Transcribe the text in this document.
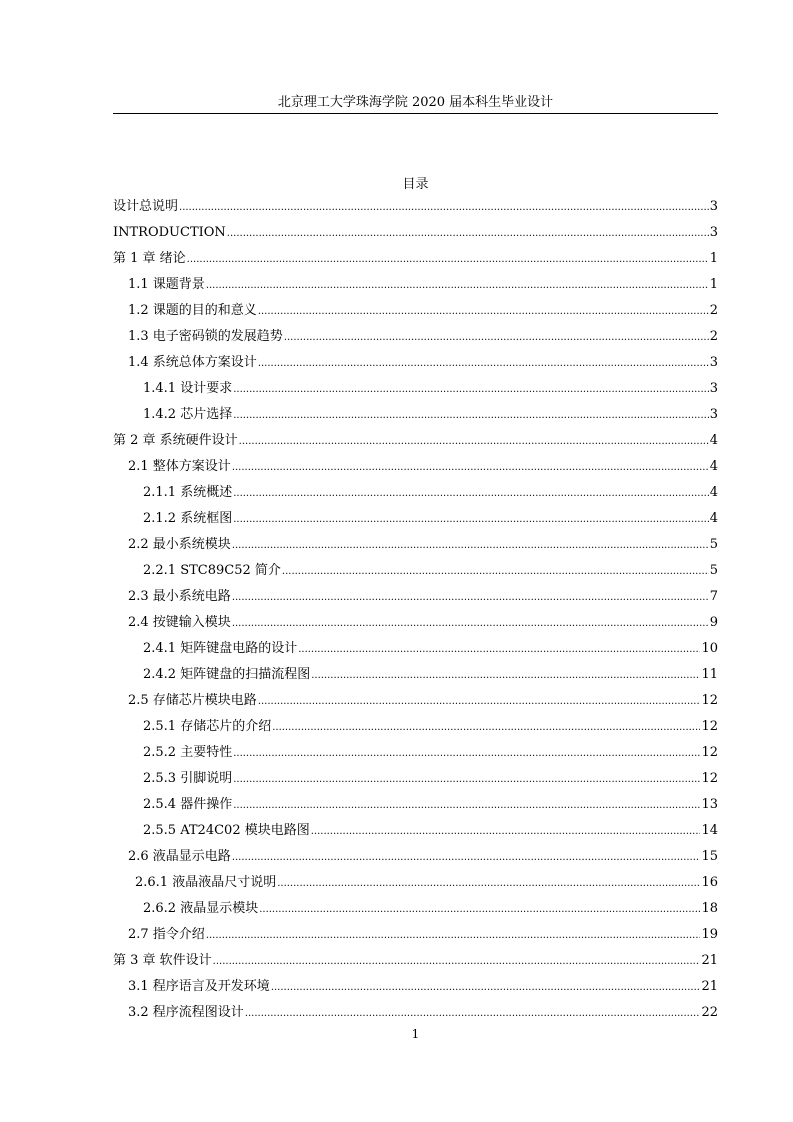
北京理工大学珠海学院 2020 届本科生毕业设计
目录
设计总说明 .....	3
INTRODUCTION .....	3
第 1 章 绪论 .....	1
1.1 课题背景 .....	1
1.2 课题的目的和意义 .....	2
1.3 电子密码锁的发展趋势 .....	2
1.4 系统总体方案设计 .....	3
1.4.1 设计要求 .....	3
1.4.2 芯片选择 .....	3
第 2 章 系统硬件设计 .....	4
2.1 整体方案设计 .....	4
2.1.1 系统概述 .....	4
2.1.2 系统框图 .....	4
2.2 最小系统模块 .....	5
2.2.1 STC89C52 简介 .....	5
2.3 最小系统电路 .....	7
2.4 按键输入模块 .....	9
2.4.1 矩阵键盘电路的设计 .....	10
2.4.2 矩阵键盘的扫描流程图 .....	11
2.5 存储芯片模块电路 .....	12
2.5.1 存储芯片的介绍 .....	12
2.5.2 主要特性 .....	12
2.5.3 引脚说明 .....	12
2.5.4 器件操作 .....	13
2.5.5 AT24C02 模块电路图 .....	14
2.6 液晶显示电路 .....	15
2.6.1 液晶液晶尺寸说明 .....	16
2.6.2 液晶显示模块 .....	18
2.7 指令介绍 .....	19
第 3 章 软件设计 .....	21
3.1 程序语言及开发环境 .....	21
3.2 程序流程图设计 .....	22
1
